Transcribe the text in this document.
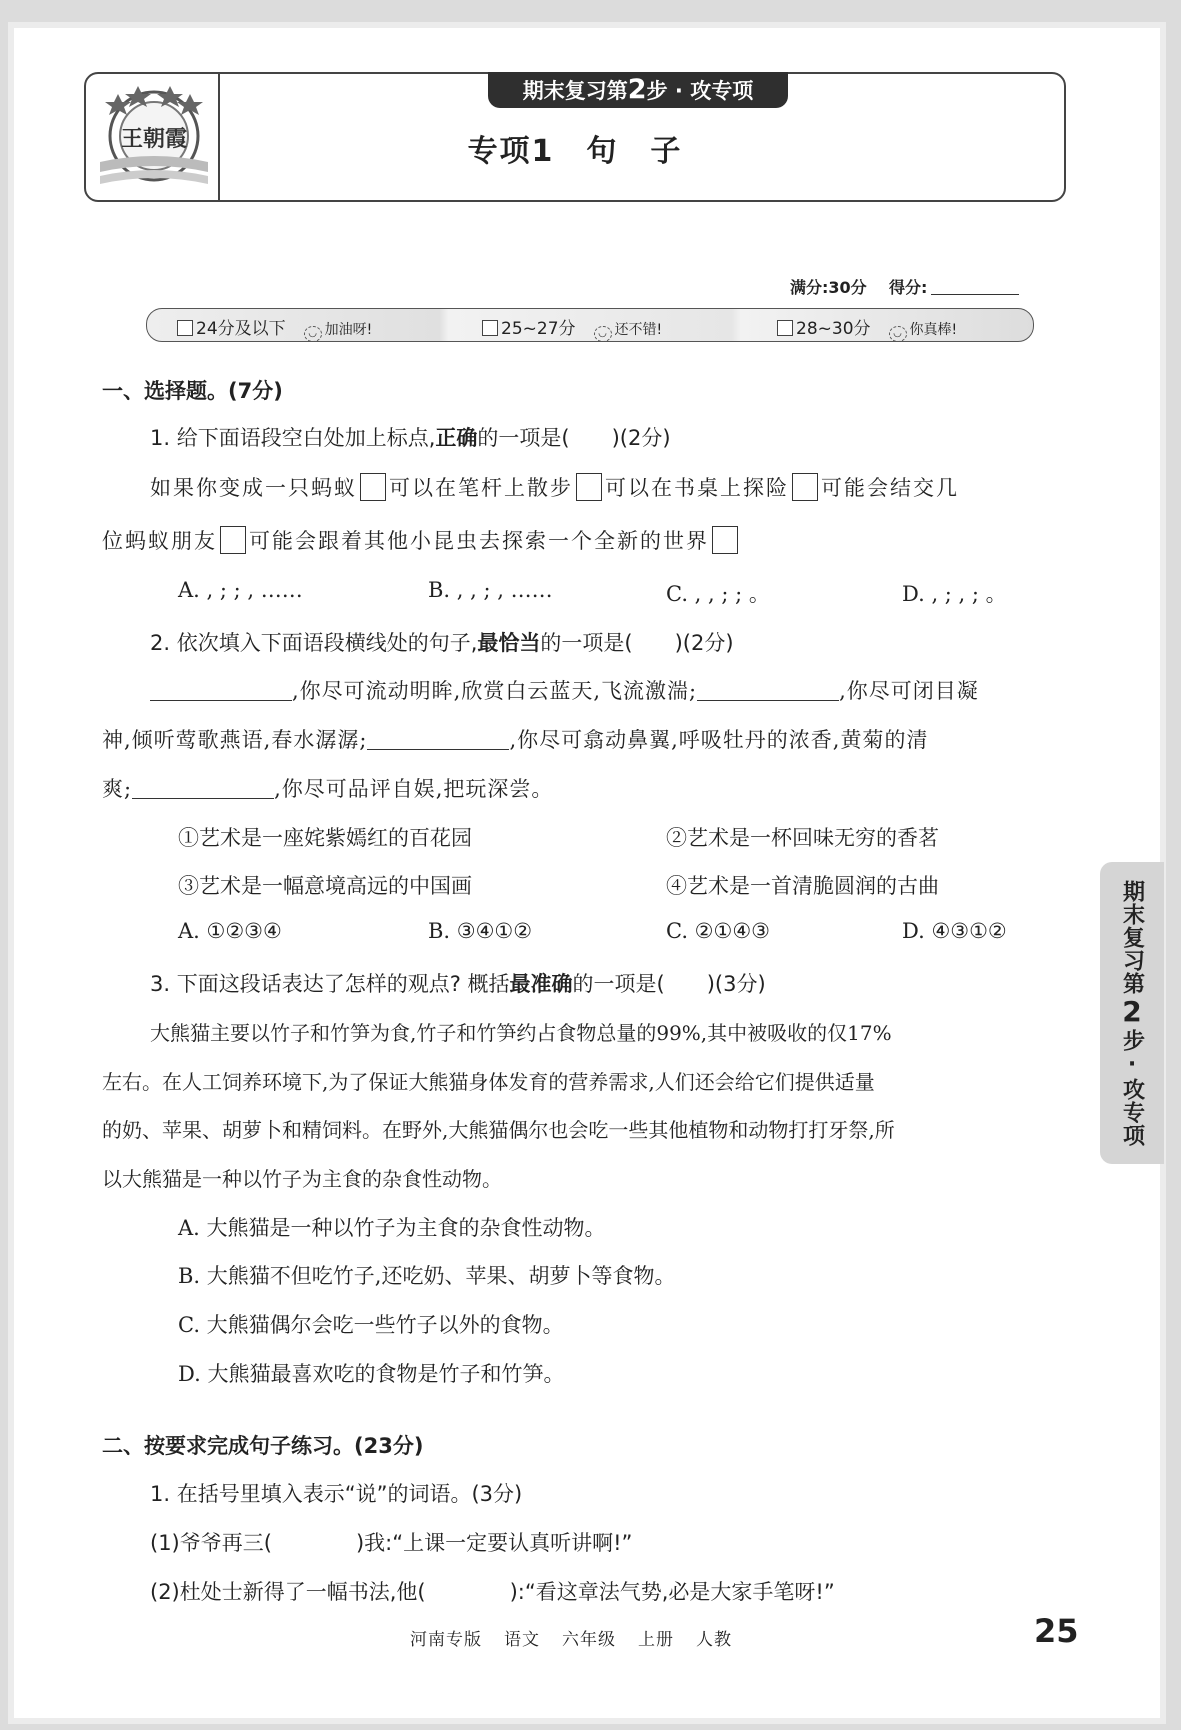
王朝霞
期末复习第2步 · 攻专项
专项1　句　子
满分:30分 得分:
24分及以下 ◡ 加油呀!	25~27分 ◡ 还不错!	28~30分 ◡ 你真棒!
一、选择题。(7分)
1. 给下面语段空白处加上标点,正确的一项是(　　)(2分)
如果你变成一只蚂蚁 可以在笔杆上散步 可以在书桌上探险 可能会结交几
位蚂蚁朋友 可能会跟着其他小昆虫去探索一个全新的世界
A. , ; ; , ……	B. , , ; , ……	C. , , ; ; 。	D. , ; , ; 。
2. 依次填入下面语段横线处的句子,最恰当的一项是(　　)(2分)
,你尽可流动明眸,欣赏白云蓝天,飞流激湍;	,你尽可闭目凝
神,倾听莺歌燕语,春水潺潺;	,你尽可翕动鼻翼,呼吸牡丹的浓香,黄菊的清
爽;	,你尽可品评自娱,把玩深尝。
①艺术是一座姹紫嫣红的百花园	②艺术是一杯回味无穷的香茗
③艺术是一幅意境高远的中国画	④艺术是一首清脆圆润的古曲
A. ①②③④	B. ③④①②	C. ②①④③	D. ④③①②
3. 下面这段话表达了怎样的观点? 概括最准确的一项是(　　)(3分)
大熊猫主要以竹子和竹笋为食,竹子和竹笋约占食物总量的99%,其中被吸收的仅17%
左右。在人工饲养环境下,为了保证大熊猫身体发育的营养需求,人们还会给它们提供适量
的奶、苹果、胡萝卜和精饲料。在野外,大熊猫偶尔也会吃一些其他植物和动物打打牙祭,所
以大熊猫是一种以竹子为主食的杂食性动物。
A. 大熊猫是一种以竹子为主食的杂食性动物。
B. 大熊猫不但吃竹子,还吃奶、苹果、胡萝卜等食物。
C. 大熊猫偶尔会吃一些竹子以外的食物。
D. 大熊猫最喜欢吃的食物是竹子和竹笋。
二、按要求完成句子练习。(23分)
1. 在括号里填入表示“说”的词语。(3分)
(1)爷爷再三(　　　　)我:“上课一定要认真听讲啊!”
(2)杜处士新得了一幅书法,他(　　　　):“看这章法气势,必是大家手笔呀!”
期末复习第
2
步·攻专项
河南专版 语文 六年级 上册 人教	25
